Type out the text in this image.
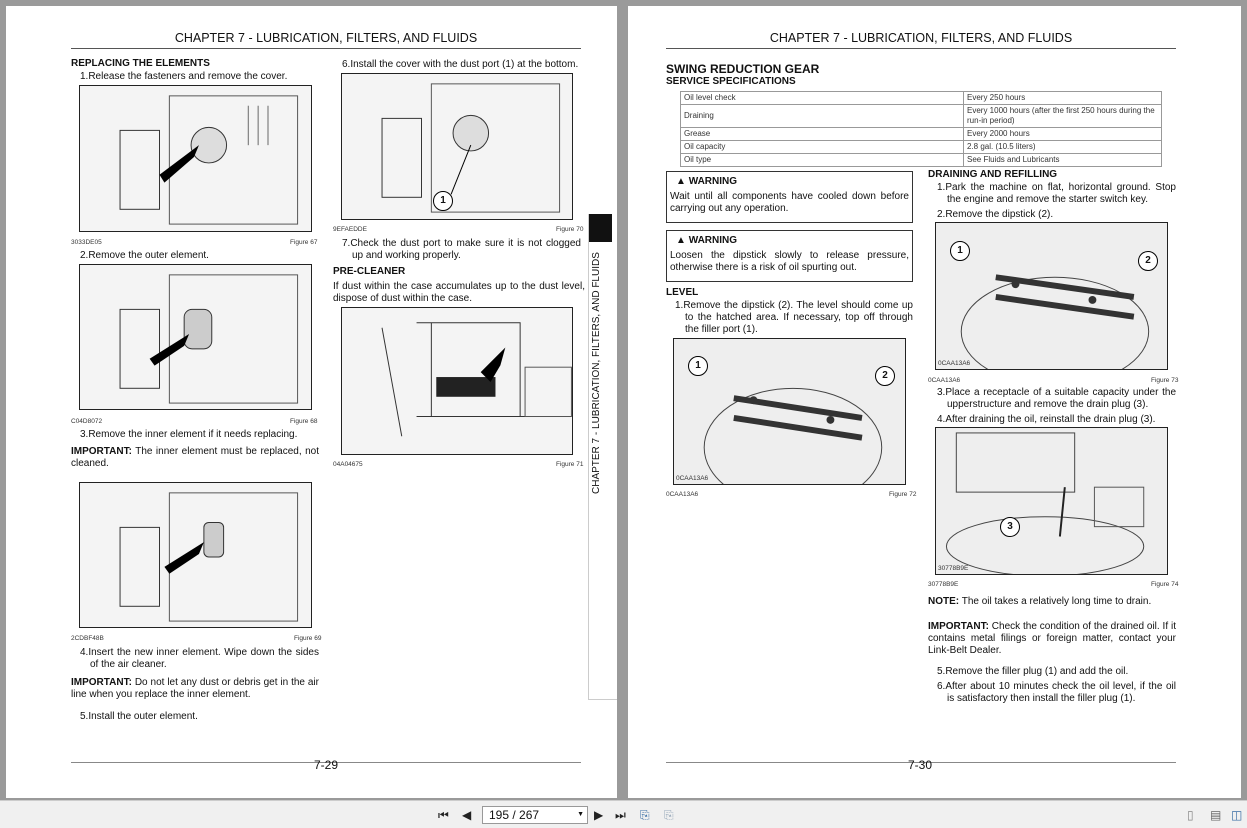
CHAPTER 7 - LUBRICATION, FILTERS, AND FLUIDS
REPLACING THE ELEMENTS
1.Release the fasteners and remove the cover.
3033DE05	Figure 67
2.Remove the outer element.
C04D8072	Figure 68
3.Remove the inner element if it needs replacing.
IMPORTANT: The inner element must be replaced, not cleaned.
2CDBF48B	Figure 69
4.Insert the new inner element. Wipe down the sides of the air cleaner.
IMPORTANT: Do not let any dust or debris get in the air line when you replace the inner element.
5.Install the outer element.
6.Install the cover with the dust port (1) at the bottom.
1
9EFAEDDE	Figure 70
7.Check the dust port to make sure it is not clogged up and working properly.
PRE-CLEANER
If dust within the case accumulates up to the dust level, dispose of dust within the case.
04A04675	Figure 71 CHAPTER 7 - LUBRICATION, FILTERS, AND FLUIDS
7-29
CHAPTER 7 - LUBRICATION, FILTERS, AND FLUIDS
SWING REDUCTION GEAR
SERVICE SPECIFICATIONS
Oil level check	Every 250 hours
Draining	Every 1000 hours (after the first 250 hours during the run-in period)
Grease	Every 2000 hours
Oil capacity	2.8 gal. (10.5 liters)
Oil type	See Fluids and Lubricants
▲ WARNING
Wait until all components have cooled down before carrying out any operation.
▲ WARNING
Loosen the dipstick slowly to release pressure, otherwise there is a risk of oil spurting out.
LEVEL
1.Remove the dipstick (2). The level should come up to the hatched area. If necessary, top off through the filler port (1).
0CAA13A6
1
2
0CAA13A6	Figure 72
DRAINING AND REFILLING
1.Park the machine on flat, horizontal ground. Stop the engine and remove the starter switch key.
2.Remove the dipstick (2).
0CAA13A6
1
2
0CAA13A6	Figure 73
3.Place a receptacle of a suitable capacity under the upperstructure and remove the drain plug (3).
4.After draining the oil, reinstall the drain plug (3).
30778B9E
3
30778B9E	Figure 74
NOTE: The oil takes a relatively long time to drain.
IMPORTANT: Check the condition of the drained oil. If it contains metal filings or foreign matter, contact your Link-Belt Dealer.
5.Remove the filler plug (1) and add the oil.
6.After about 10 minutes check the oil level, if the oil is satisfactory then install the filler plug (1).
7-30
⏮ ◀	195 / 267	▼ ▶ ⏭ ⎘ ⎘	▯ ▤ ◫
